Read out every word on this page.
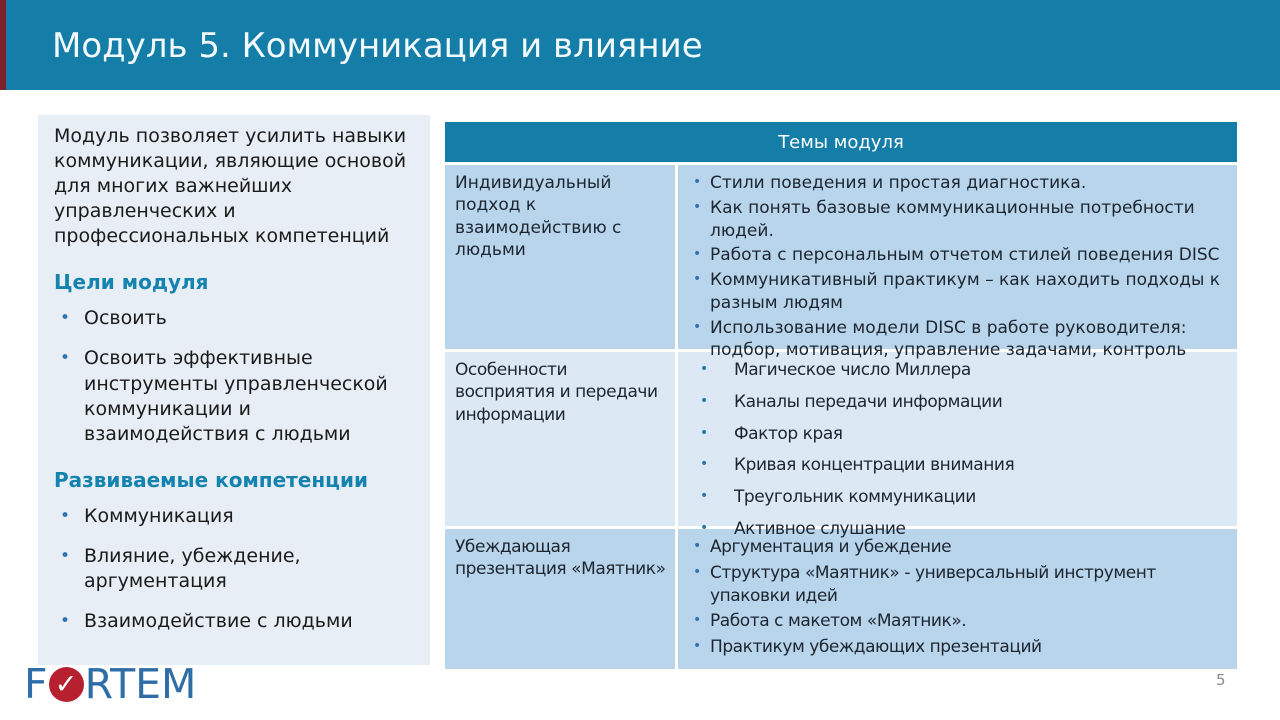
Модуль 5. Коммуникация и влияние

Модуль позволяет усилить навыки коммуникации, являющие основой для многих важнейших управленческих и профессиональных компетенций

Цели модуля
• Освоить
• Освоить эффективные инструменты управленческой коммуникации и взаимодействия с людьми
Развиваемые компетенции
• Коммуникация
• Влияние, убеждение, аргументация
• Взаимодействие с людьми
Темы модуля
Индивидуальный подход к взаимодействию с людьми
• Стили поведения и простая диагностика.
• Как понять базовые коммуникационные потребности людей.
• Работа с персональным отчетом стилей поведения DISC
• Коммуникативный практикум – как находить подходы к разным людям
• Использование модели DISC в работе руководителя: подбор, мотивация, управление задачами, контроль
Особенности восприятия и передачи информации
• Магическое число Миллера
• Каналы передачи информации
• Фактор края
• Кривая концентрации внимания
• Треугольник коммуникации
• Активное слушание
Убеждающая презентация «Маятник»
• Аргументация и убеждение
• Структура «Маятник» - универсальный инструмент упаковки идей
• Работа с макетом «Маятник».
• Практикум убеждающих презентаций
F ✓ RTEM	5
